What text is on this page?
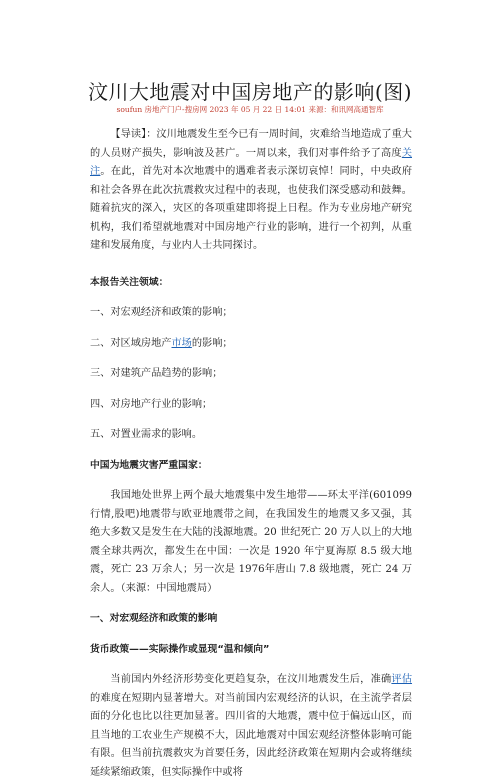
汶川大地震对中国房地产的影响(图)
soufun 房地产门户-搜房网 2023 年 05 月 22 日 14:01 来源：和讯网高通智库

【导读】：汶川地震发生至今已有一周时间，灾难给当地造成了重大的人员财产损失，影响波及甚广。一周以来，我们对事件给予了高度关注。在此，首先对本次地震中的遇难者表示深切哀悼！同时，中央政府和社会各界在此次抗震救灾过程中的表现，也使我们深受感动和鼓舞。随着抗灾的深入，灾区的各项重建即将提上日程。作为专业房地产研究机构，我们希望就地震对中国房地产行业的影响，进行一个初判，从重建和发展角度，与业内人士共同探讨。

本报告关注领域：

一、对宏观经济和政策的影响；

二、对区域房地产市场的影响；

三、对建筑产品趋势的影响；

四、对房地产行业的影响；

五、对置业需求的影响。

中国为地震灾害严重国家：

我国地处世界上两个最大地震集中发生地带——环太平洋(601099 行情,股吧)地震带与欧亚地震带之间，在我国发生的地震又多又强，其绝大多数又是发生在大陆的浅源地震。20 世纪死亡 20 万人以上的大地震全球共两次，都发生在中国：一次是 1920 年宁夏海原 8.5 级大地震，死亡 23 万余人；另一次是 1976年唐山 7.8 级地震，死亡 24 万余人。（来源：中国地震局）

一、对宏观经济和政策的影响

货币政策——实际操作或显现“温和倾向”

当前国内外经济形势变化更趋复杂，在汶川地震发生后，准确评估的难度在短期内显著增大。对当前国内宏观经济的认识，在主流学者层面的分化也比以往更加显著。四川省的大地震，震中位于偏远山区，而且当地的工农业生产规模不大，因此地震对中国宏观经济整体影响可能有限。但当前抗震救灾为首要任务，因此经济政策在短期内会或将继续延续紧缩政策，但实际操作中或将
